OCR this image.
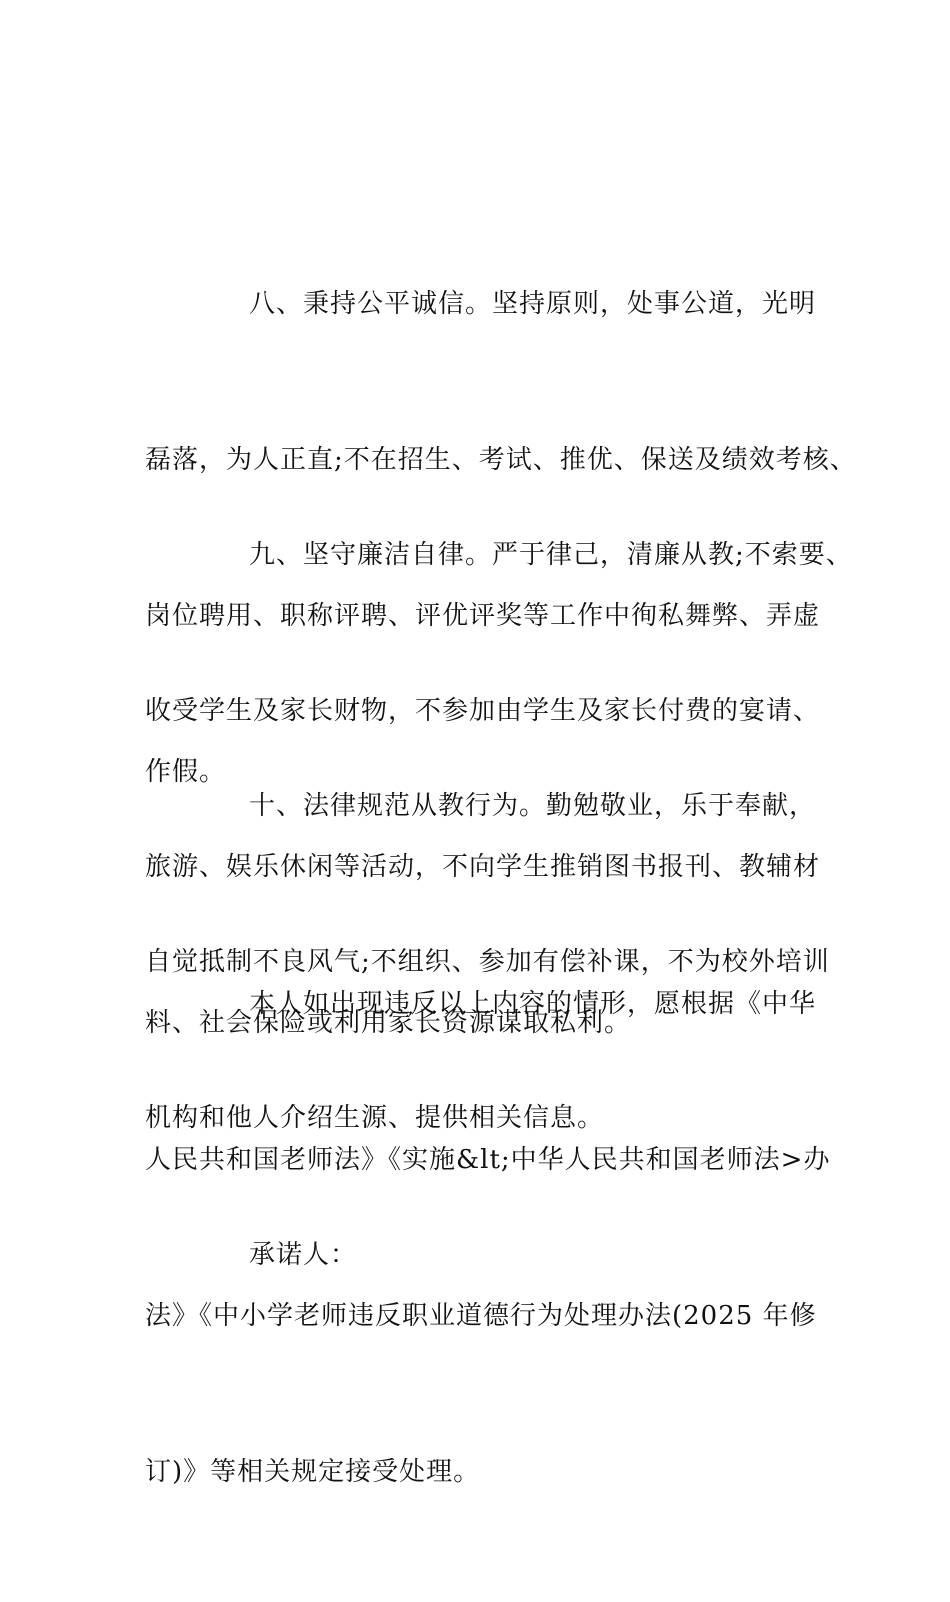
八、秉持公平诚信。坚持原则，处事公道，光明

磊落，为人正直;不在招生、考试、推优、保送及绩效考核、

岗位聘用、职称评聘、评优评奖等工作中徇私舞弊、弄虚

作假。

九、坚守廉洁自律。严于律己，清廉从教;不索要、

收受学生及家长财物，不参加由学生及家长付费的宴请、

旅游、娱乐休闲等活动，不向学生推销图书报刊、教辅材

料、社会保险或利用家长资源谋取私利。

十、法律规范从教行为。勤勉敬业，乐于奉献，

自觉抵制不良风气;不组织、参加有偿补课，不为校外培训

机构和他人介绍生源、提供相关信息。

本人如出现违反以上内容的情形，愿根据《中华

人民共和国老师法》《实施&lt;中华人民共和国老师法>办

法》《中小学老师违反职业道德行为处理办法(2025 年修

订)》等相关规定接受处理。

承诺人：
